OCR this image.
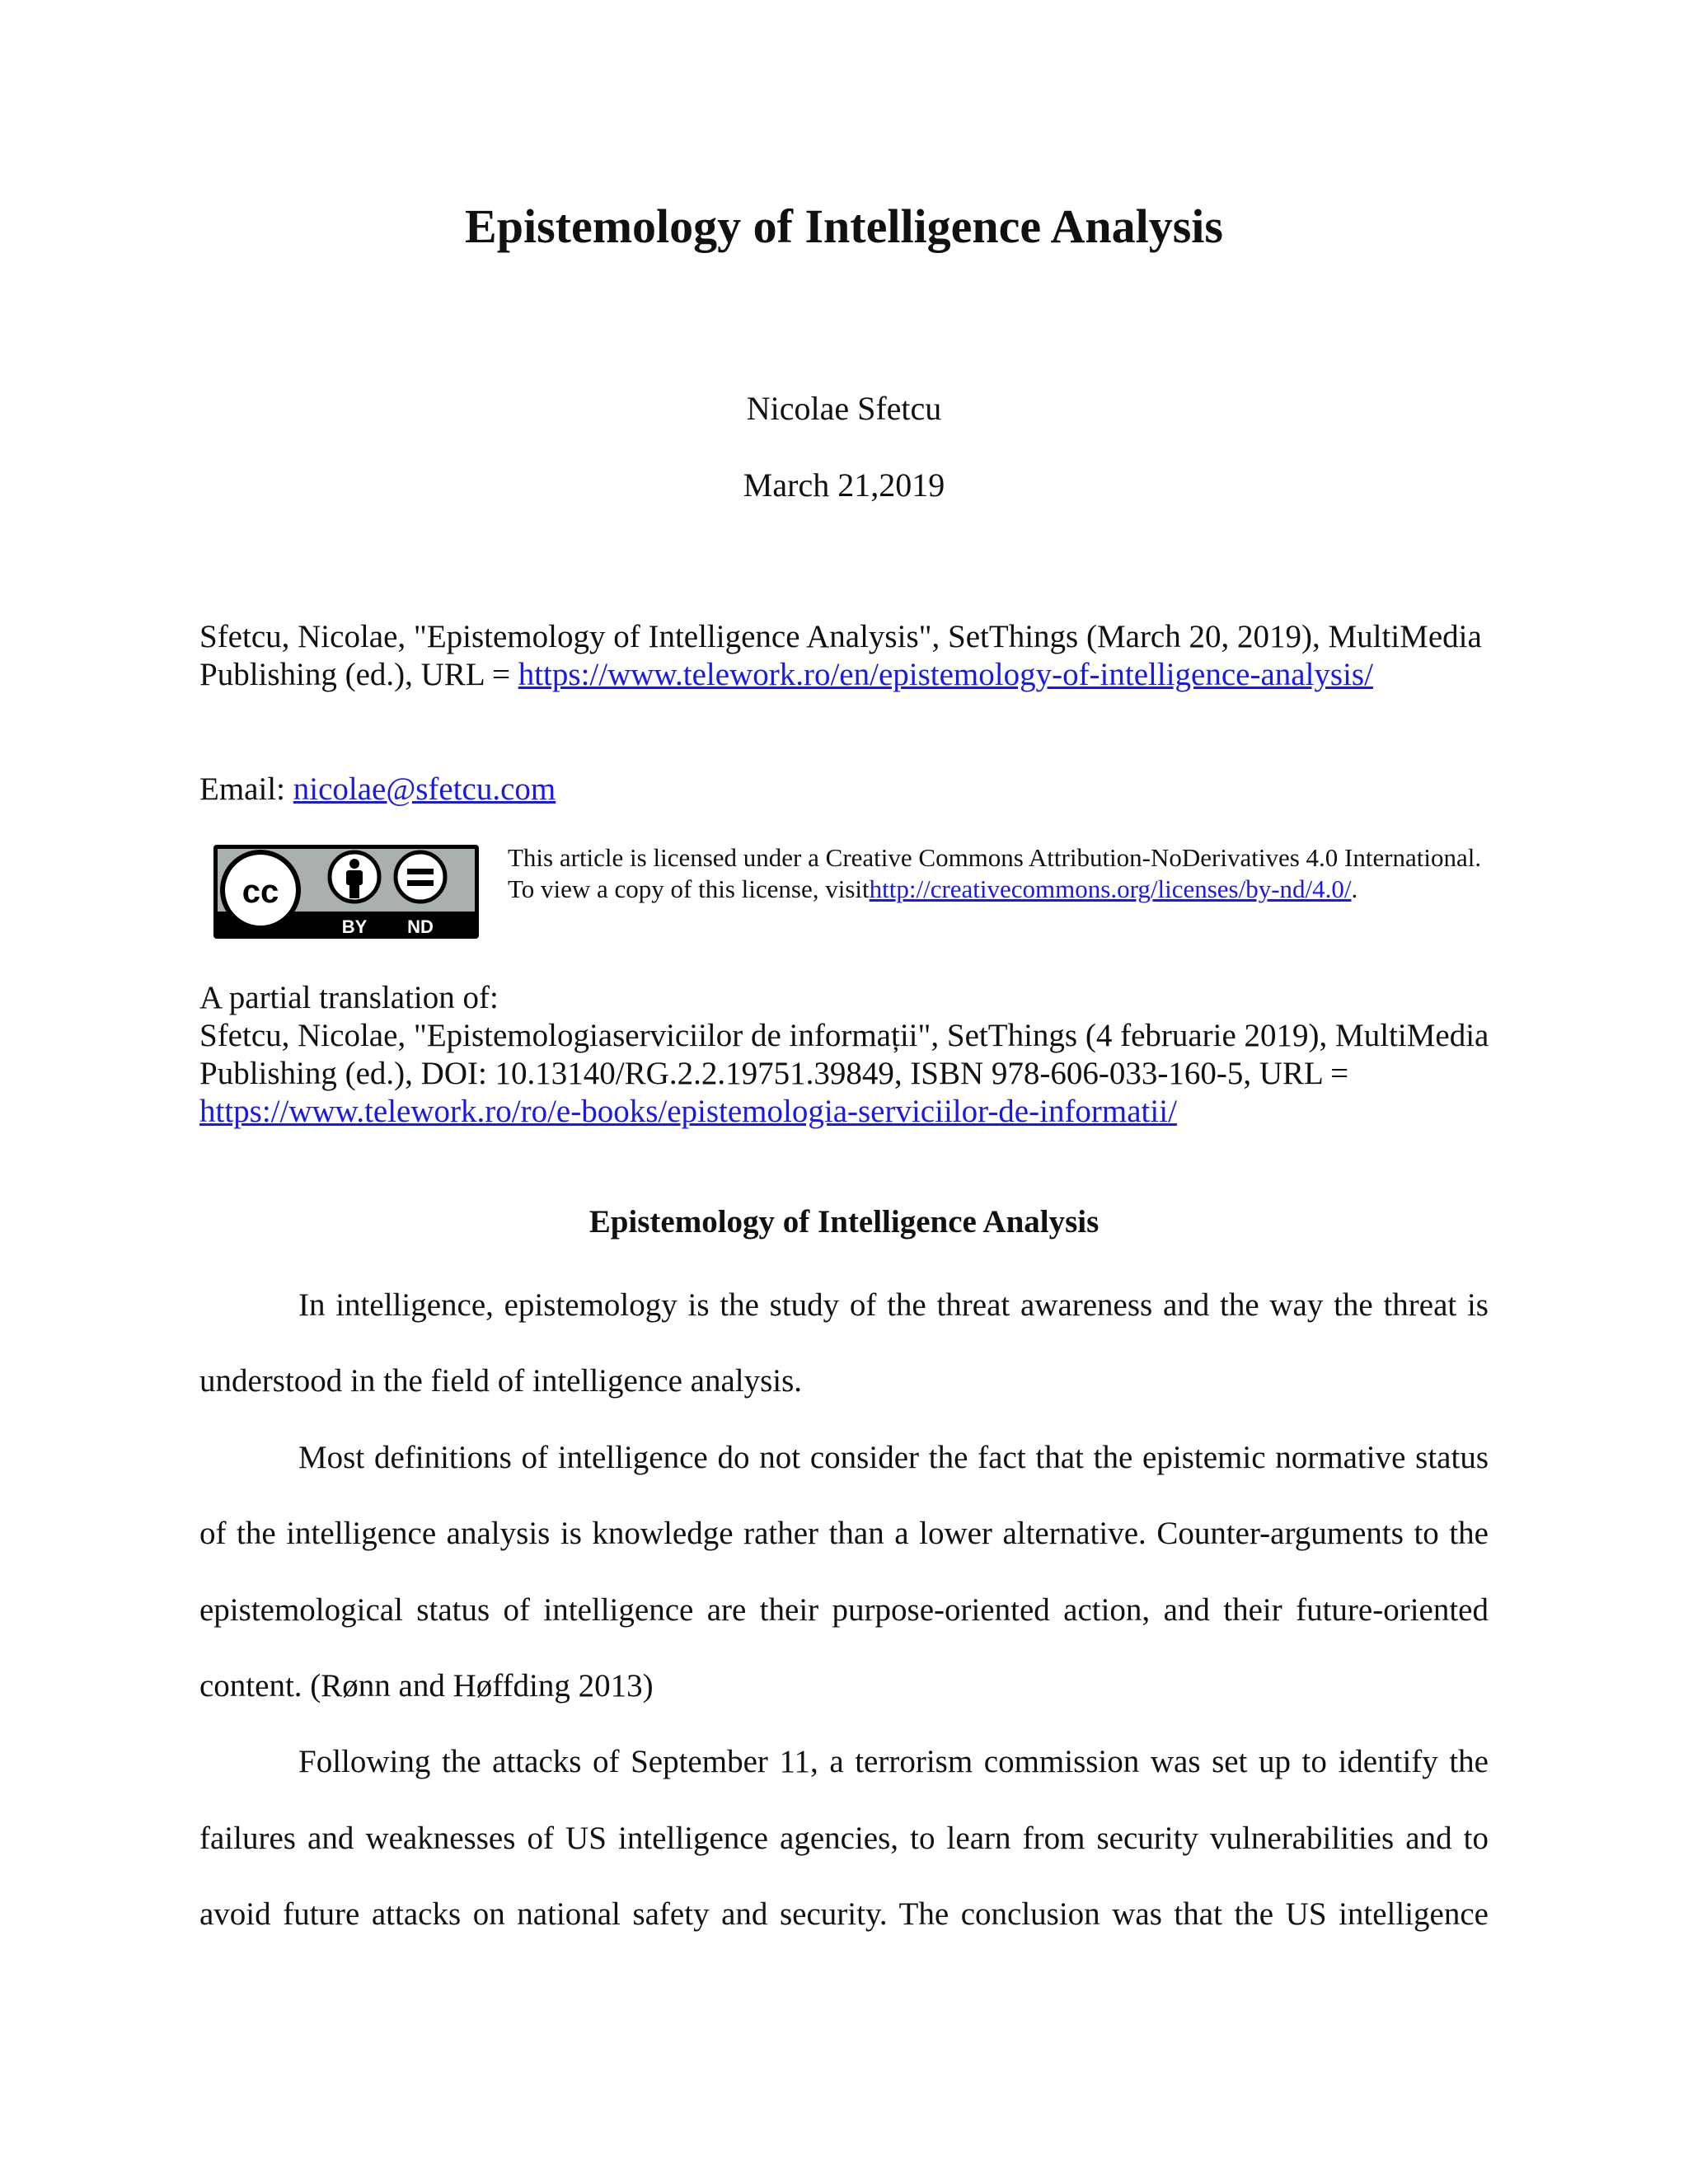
Epistemology of Intelligence Analysis
Nicolae Sfetcu
March 21,2019
Sfetcu, Nicolae, "Epistemology of Intelligence Analysis", SetThings (March 20, 2019), MultiMedia Publishing (ed.), URL = https://www.telework.ro/en/epistemology-of-intelligence-analysis/
Email: nicolae@sfetcu.com
cc
BY ND
This article is licensed under a Creative Commons Attribution-NoDerivatives 4.0 International. To view a copy of this license, visithttp://creativecommons.org/licenses/by-nd/4.0/.
A partial translation of:
Sfetcu, Nicolae, "Epistemologiaserviciilor de informații", SetThings (4 februarie 2019), MultiMedia Publishing (ed.), DOI: 10.13140/RG.2.2.19751.39849, ISBN 978-606-033-160-5, URL = https://www.telework.ro/ro/e-books/epistemologia-serviciilor-de-informatii/
Epistemology of Intelligence Analysis

In intelligence, epistemology is the study of the threat awareness and the way the threat is understood in the field of intelligence analysis.

Most definitions of intelligence do not consider the fact that the epistemic normative status of the intelligence analysis is knowledge rather than a lower alternative. Counter-arguments to the epistemological status of intelligence are their purpose-oriented action, and their future-oriented content. (Rønn and Høffding 2013)

Following the attacks of September 11, a terrorism commission was set up to identify the failures and weaknesses of US intelligence agencies, to learn from security vulnerabilities and to avoid future attacks on national safety and security. The conclusion was that the US intelligence
